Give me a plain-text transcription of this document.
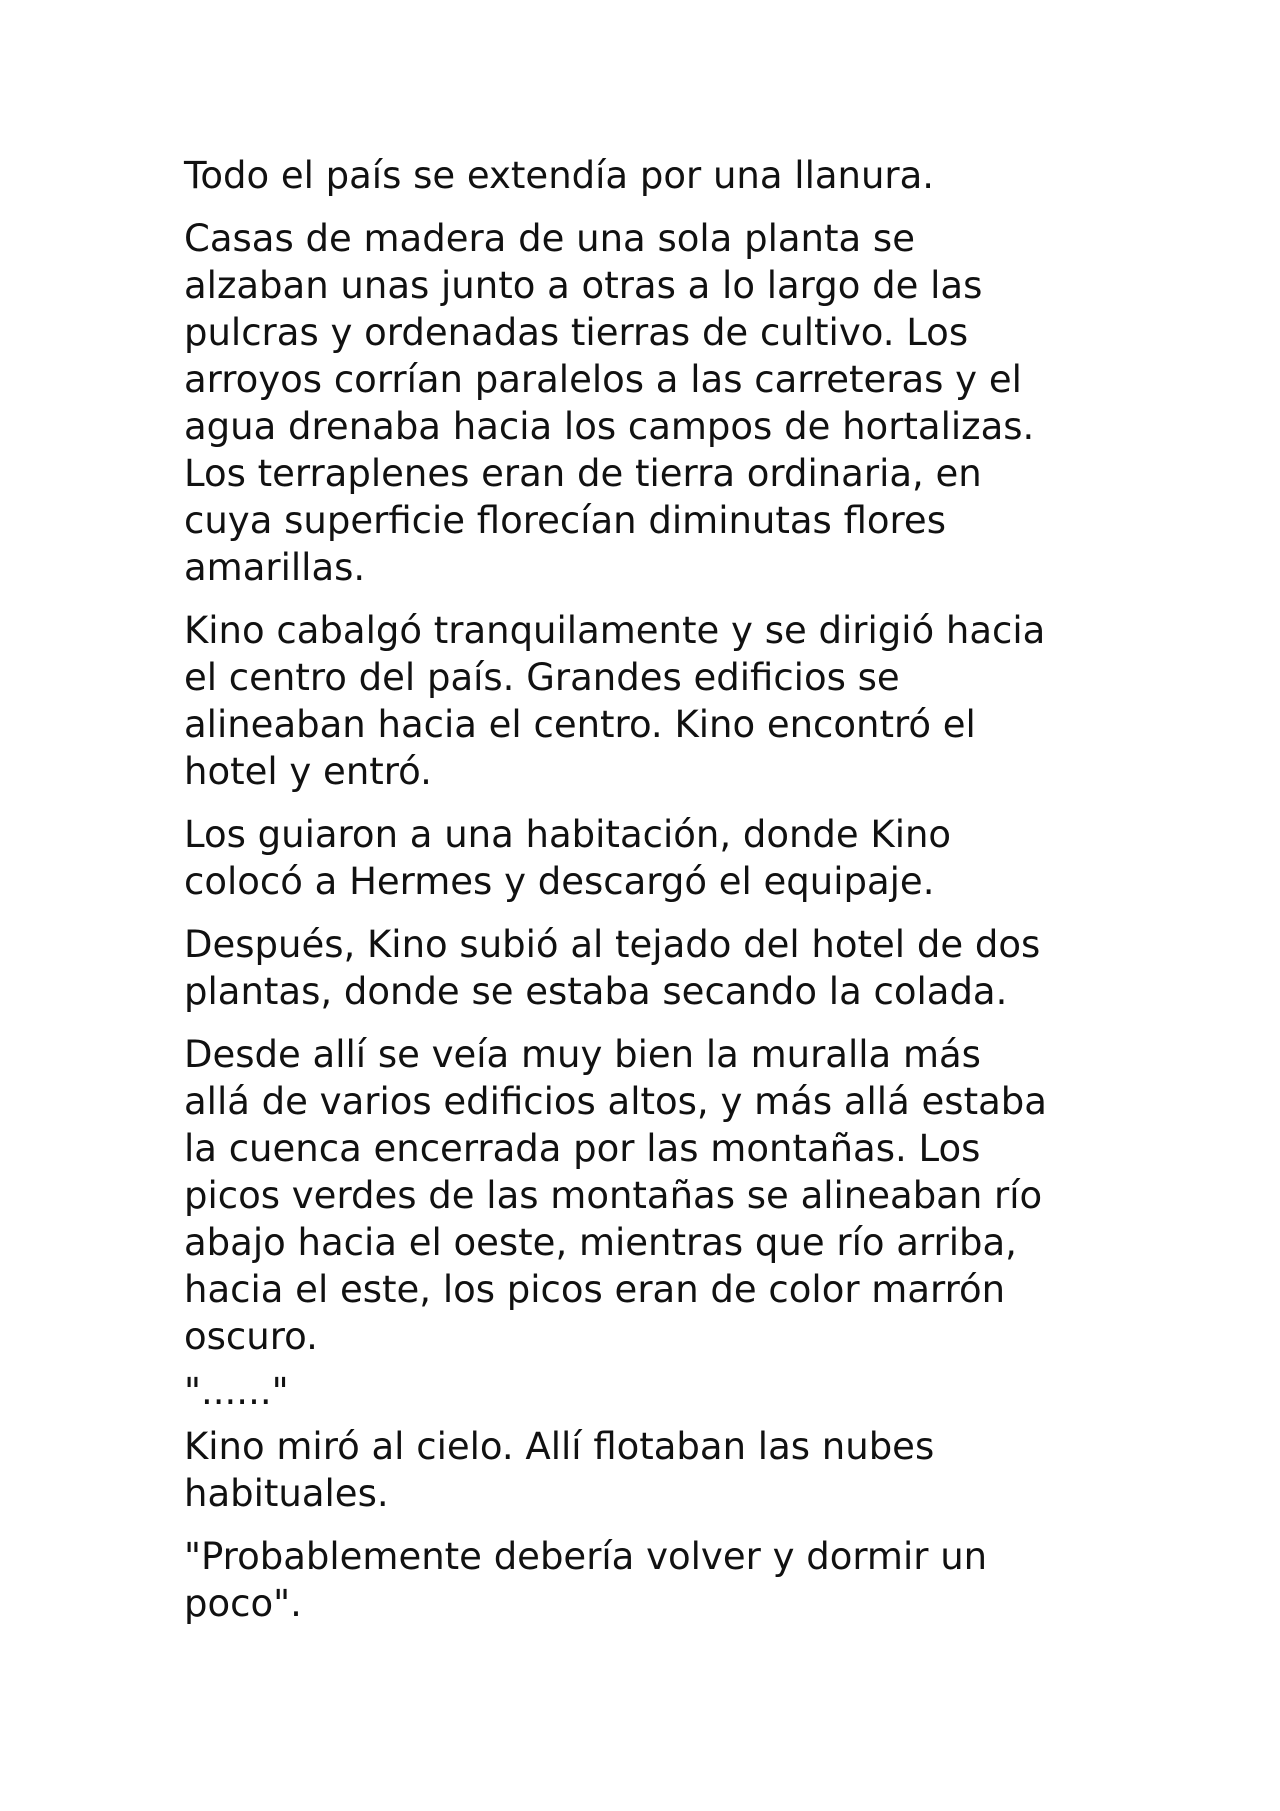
Todo el país se extendía por una llanura.

Casas de madera de una sola planta se
alzaban unas junto a otras a lo largo de las
pulcras y ordenadas tierras de cultivo. Los
arroyos corrían paralelos a las carreteras y el
agua drenaba hacia los campos de hortalizas.
Los terraplenes eran de tierra ordinaria, en
cuya superficie florecían diminutas flores
amarillas.

Kino cabalgó tranquilamente y se dirigió hacia
el centro del país. Grandes edificios se
alineaban hacia el centro. Kino encontró el
hotel y entró.

Los guiaron a una habitación, donde Kino
colocó a Hermes y descargó el equipaje.

Después, Kino subió al tejado del hotel de dos
plantas, donde se estaba secando la colada.

Desde allí se veía muy bien la muralla más
allá de varios edificios altos, y más allá estaba
la cuenca encerrada por las montañas. Los
picos verdes de las montañas se alineaban río
abajo hacia el oeste, mientras que río arriba,
hacia el este, los picos eran de color marrón
oscuro.

"......"

Kino miró al cielo. Allí flotaban las nubes
habituales.

"Probablemente debería volver y dormir un
poco".
